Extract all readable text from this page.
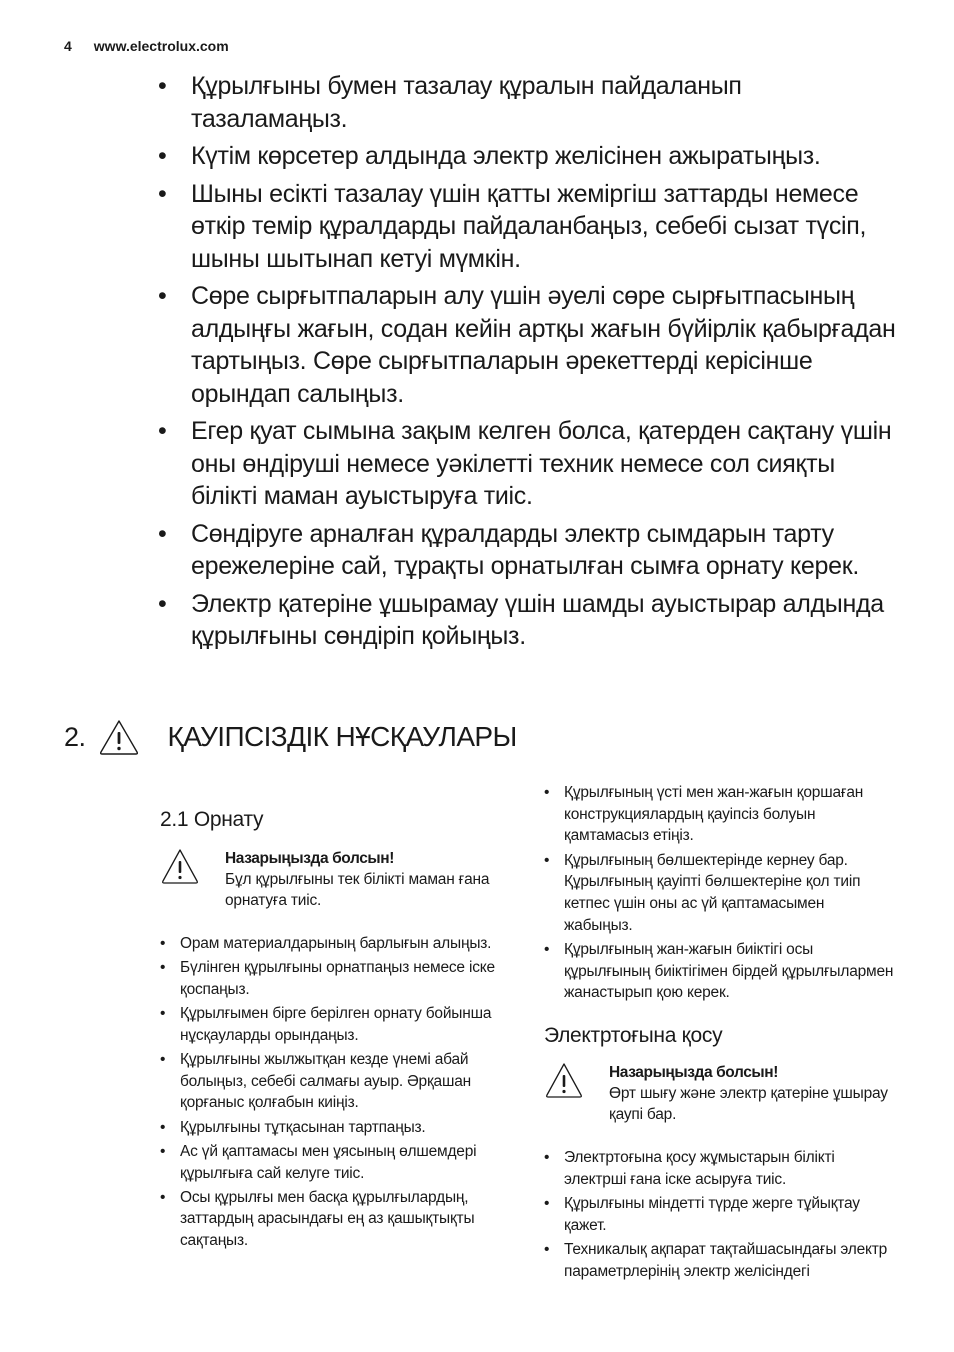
4 www.electrolux.com
• Құрылғыны бумен тазалау құралын пайдаланып тазаламаңыз.
• Күтім көрсетер алдында электр желісінен ажыратыңыз.
• Шыны есікті тазалау үшін қатты жеміргіш заттарды немесе өткір темір құралдарды пайдаланбаңыз, себебі сызат түсіп, шыны шытынап кетуі мүмкін.
• Сөре сырғытпаларын алу үшін әуелі сөре сырғытпасының алдыңғы жағын, содан кейін артқы жағын бүйірлік қабырғадан тартыңыз. Сөре сырғытпаларын әрекеттерді керісінше орындап салыңыз.
• Егер қуат сымына зақым келген болса, қатерден сақтану үшін оны өндіруші немесе уәкілетті техник немесе сол сияқты білікті маман ауыстыруға тиіс.
• Сөндіруге арналған құралдарды электр сымдарын тарту ережелеріне сай, тұрақты орнатылған сымға орнату керек.
• Электр қатеріне ұшырамау үшін шамды ауыстырар алдында құрылғыны сөндіріп қойыңыз.
2.	ҚАУІПСІЗДІК НҰСҚАУЛАРЫ
2.1 Орнату
Назарыңызда болсын!
Бұл құрылғыны тек білікті маман ғана орнатуға тиіс.
• Орам материалдарының барлығын алыңыз.
• Бүлінген құрылғыны орнатпаңыз немесе іске қоспаңыз.
• Құрылғымен бірге берілген орнату бойынша нұсқауларды орындаңыз.
• Құрылғыны жылжытқан кезде үнемі абай болыңыз, себебі салмағы ауыр. Әрқашан қорғаныс қолғабын киіңіз.
• Құрылғыны тұтқасынан тартпаңыз.
• Ас үй қаптамасы мен ұясының өлшемдері құрылғыға сай келуге тиіс.
• Осы құрылғы мен басқа құрылғылардың, заттардың арасындағы ең аз қашықтықты сақтаңыз.
• Құрылғының үсті мен жан-жағын қоршаған конструкциялардың қауіпсіз болуын қамтамасыз етіңіз.
• Құрылғының бөлшектерінде кернеу бар. Құрылғының қауіпті бөлшектеріне қол тиіп кетпес үшін оны ас үй қаптамасымен жабыңыз.
• Құрылғының жан-жағын биіктігі осы құрылғының биіктігімен бірдей құрылғылармен жанастырып қою керек.
Электртоғына қосу
Назарыңызда болсын!
Өрт шығу және электр қатеріне ұшырау қаупі бар.
• Электртоғына қосу жұмыстарын білікті электрші ғана іске асыруға тиіс.
• Құрылғыны міндетті түрде жерге тұйықтау қажет.
• Техникалық ақпарат тақтайшасындағы электр параметрлерінің электр желісіндегі
